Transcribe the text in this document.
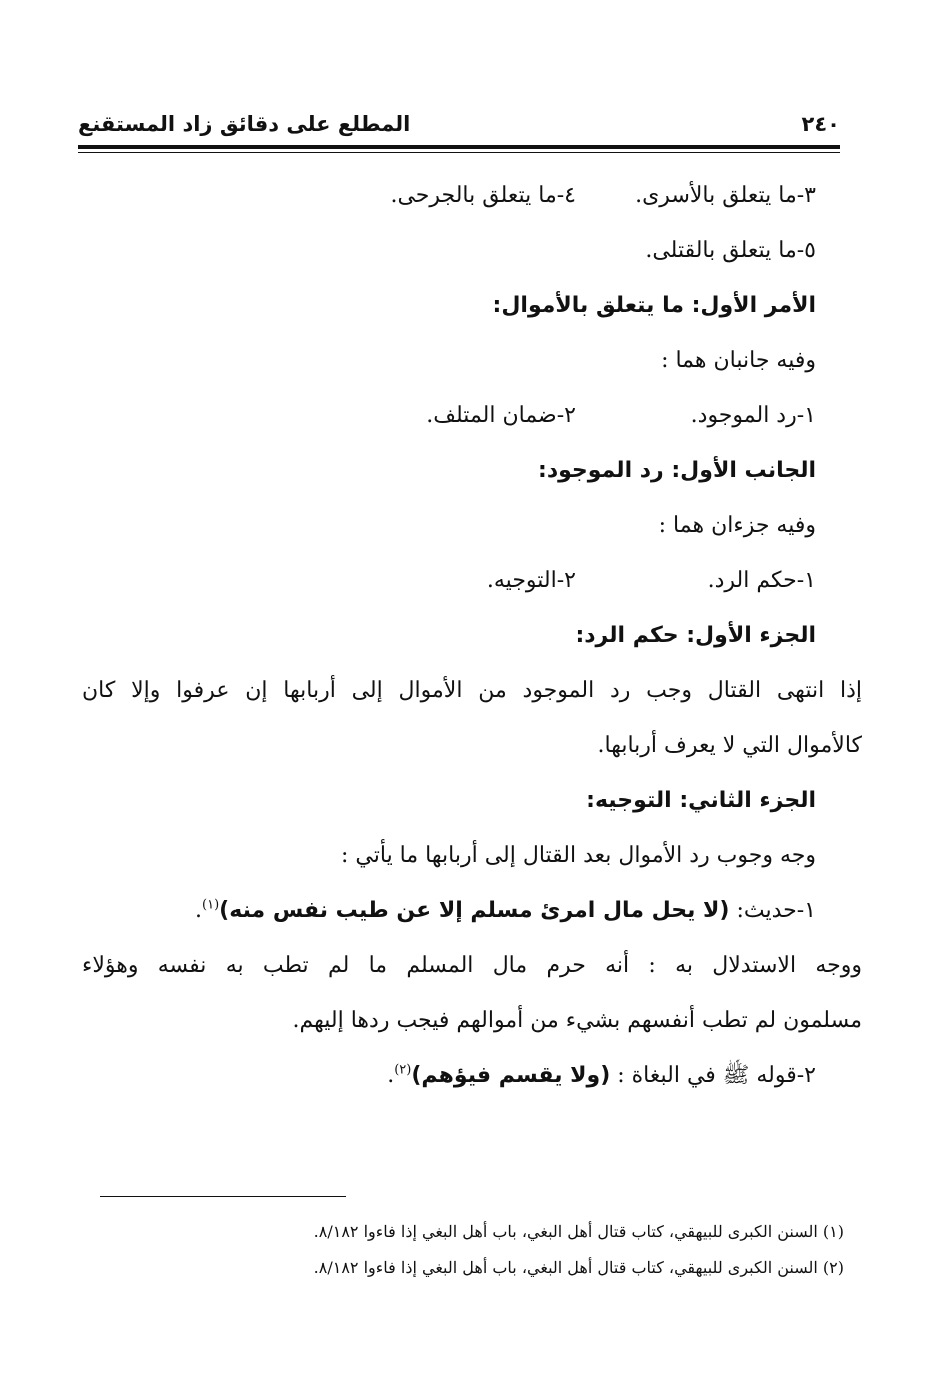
٢٤٠
المطلع على دقائق زاد المستقنع
٣-ما يتعلق بالأسرى.
٤-ما يتعلق بالجرحى.
٥-ما يتعلق بالقتلى.
الأمر الأول: ما يتعلق بالأموال:
وفيه جانبان هما :
١-رد الموجود.
٢-ضمان المتلف.
الجانب الأول: رد الموجود:
وفيه جزءان هما :
١-حكم الرد.
٢-التوجيه.
الجزء الأول: حكم الرد:
إذا انتهى القتال وجب رد الموجود من الأموال إلى أربابها إن عرفوا وإلا كان
كالأموال التي لا يعرف أربابها.
الجزء الثاني: التوجيه:
وجه وجوب رد الأموال بعد القتال إلى أربابها ما يأتي :
١-حديث: (لا يحل مال امرئ مسلم إلا عن طيب نفس منه)$^{(١)}$.
ووجه الاستدلال به : أنه حرم مال المسلم ما لم تطب به نفسه وهؤلاء
مسلمون لم تطب أنفسهم بشيء من أموالهم فيجب ردها إليهم.
٢-قوله ﷺ في البغاة : (ولا يقسم فيؤهم)$^{(٢)}$.
(١) السنن الكبرى للبيهقي، كتاب قتال أهل البغي، باب أهل البغي إذا فاءوا ٨/١٨٢.
(٢) السنن الكبرى للبيهقي، كتاب قتال أهل البغي، باب أهل البغي إذا فاءوا ٨/١٨٢.
